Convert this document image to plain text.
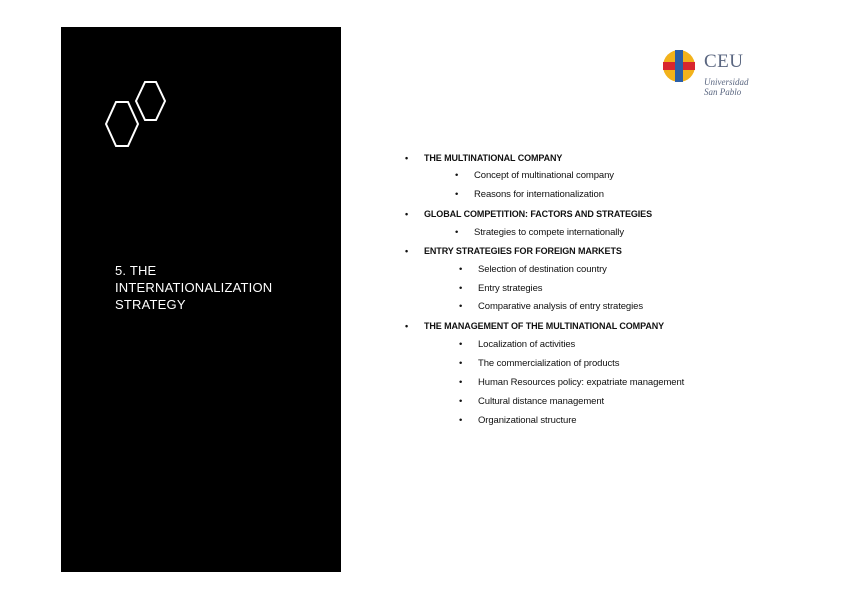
5. THE
INTERNATIONALIZATION
STRATEGY
CEU
Universidad
San Pablo
• THE MULTINATIONAL COMPANY
• Concept of multinational company
• Reasons for internationalization
• GLOBAL COMPETITION: FACTORS AND STRATEGIES
• Strategies to compete internationally
• ENTRY STRATEGIES FOR FOREIGN MARKETS
• Selection of destination country
• Entry strategies
• Comparative analysis of entry strategies
• THE MANAGEMENT OF THE MULTINATIONAL COMPANY
• Localization of activities
• The commercialization of products
• Human Resources policy: expatriate management
• Cultural distance management
• Organizational structure
